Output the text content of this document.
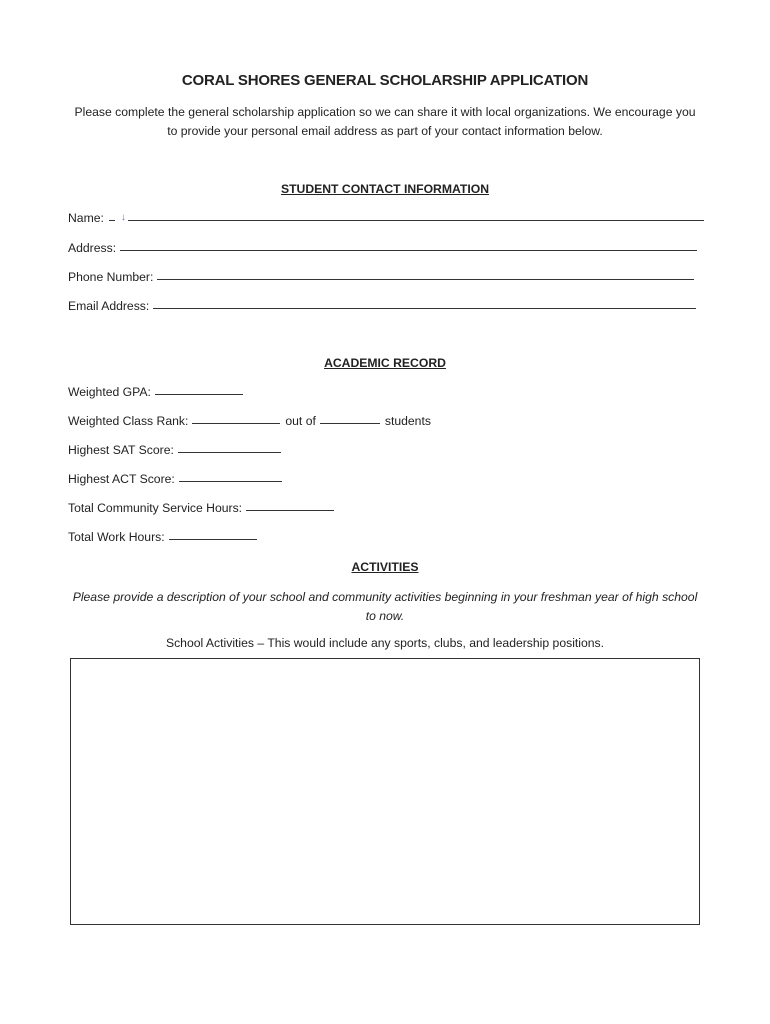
CORAL SHORES GENERAL SCHOLARSHIP APPLICATION
Please complete the general scholarship application so we can share it with local organizations. We encourage you to provide your personal email address as part of your contact information below.
STUDENT CONTACT INFORMATION
Name: ↓
Address:
Phone Number:
Email Address:
ACADEMIC RECORD
Weighted GPA:
Weighted Class Rank:	out of	students
Highest SAT Score:
Highest ACT Score:
Total Community Service Hours:
Total Work Hours:
ACTIVITIES
Please provide a description of your school and community activities beginning in your freshman year of high school to now.
School Activities – This would include any sports, clubs, and leadership positions.
